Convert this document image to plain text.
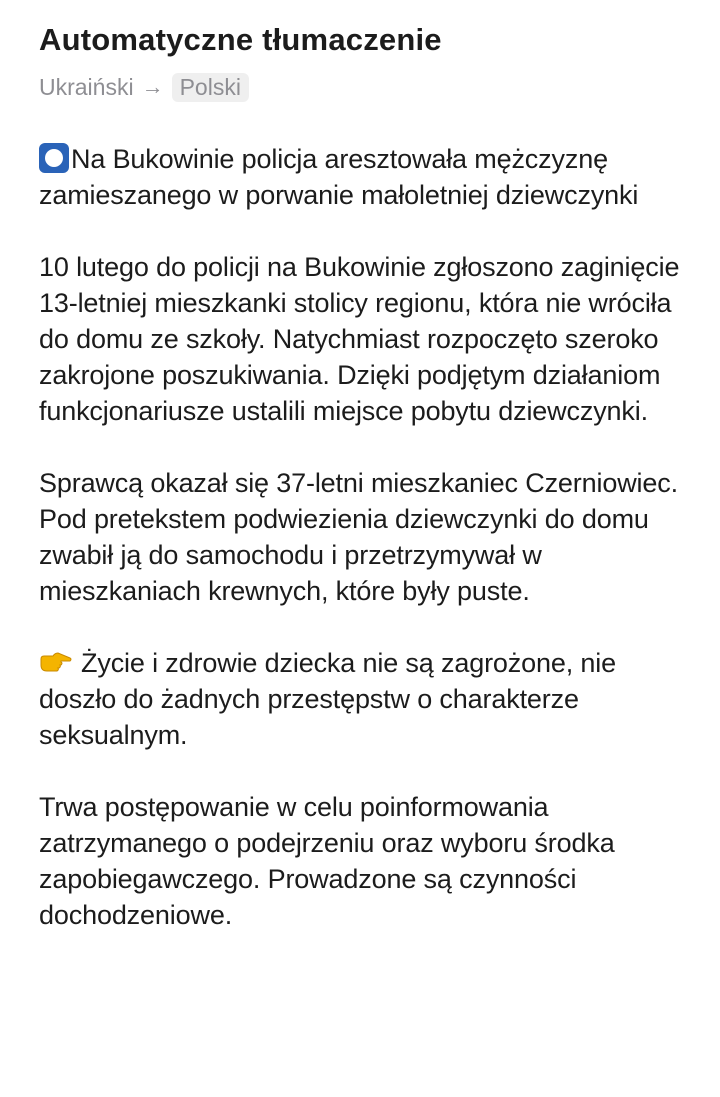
Automatyczne tłumaczenie
Ukraiński → Polski

Na Bukowinie policja aresztowała mężczyznę zamieszanego w porwanie małoletniej dziewczynki

10 lutego do policji na Bukowinie zgłoszono zaginięcie 13-letniej mieszkanki stolicy regionu, która nie wróciła do domu ze szkoły. Natychmiast rozpoczęto szeroko zakrojone poszukiwania. Dzięki podjętym działaniom funkcjonariusze ustalili miejsce pobytu dziewczynki.

Sprawcą okazał się 37-letni mieszkaniec Czerniowiec. Pod pretekstem podwiezienia dziewczynki do domu zwabił ją do samochodu i przetrzymywał w mieszkaniach krewnych, które były puste.

Życie i zdrowie dziecka nie są zagrożone, nie doszło do żadnych przestępstw o charakterze seksualnym.

Trwa postępowanie w celu poinformowania zatrzymanego o podejrzeniu oraz wyboru środka zapobiegawczego. Prowadzone są czynności dochodzeniowe.
